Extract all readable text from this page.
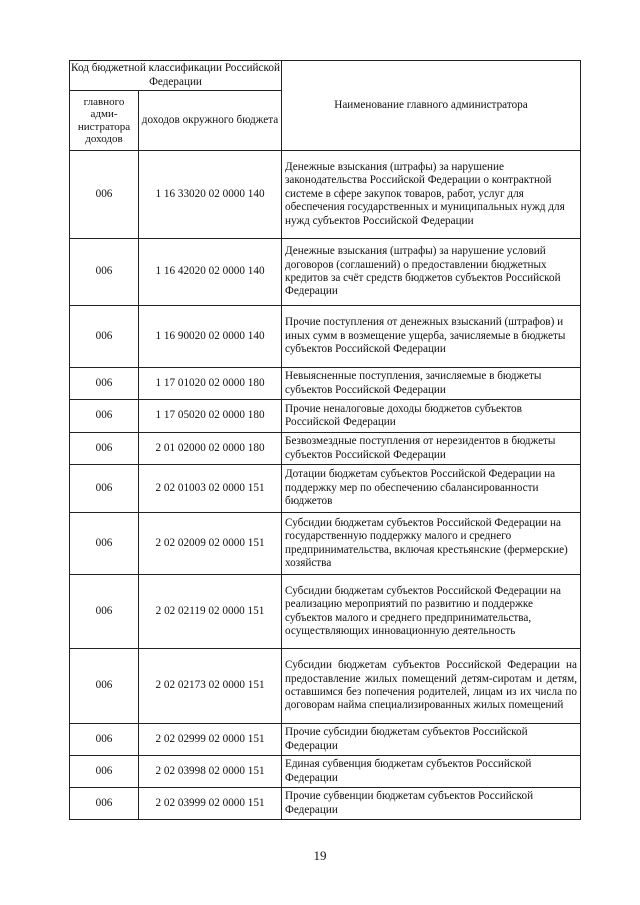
Код бюджетной классификации Российской Федерации		Наименование главного администратора
главного адми-нистратора доходов	доходов окружного бюджета	
006	1 16 33020 02 0000 140	Денежные взыскания (штрафы) за нарушение законодательства Российской Федерации о контрактной системе в сфере закупок товаров, работ, услуг для обеспечения государственных и муниципальных нужд для нужд субъектов Российской Федерации
006	1 16 42020 02 0000 140	Денежные взыскания (штрафы) за нарушение условий договоров (соглашений) о предоставлении бюджетных кредитов за счёт средств бюджетов субъектов Российской Федерации
006	1 16 90020 02 0000 140	Прочие поступления от денежных взысканий (штрафов) и иных сумм в возмещение ущерба, зачисляемые в бюджеты субъектов Российской Федерации
006	1 17 01020 02 0000 180	Невыясненные поступления, зачисляемые в бюджеты субъектов Российской Федерации
006	1 17 05020 02 0000 180	Прочие неналоговые доходы бюджетов субъектов Российской Федерации
006	2 01 02000 02 0000 180	Безвозмездные поступления от нерезидентов в бюджеты субъектов Российской Федерации
006	2 02 01003 02 0000 151	Дотации бюджетам субъектов Российской Федерации на поддержку мер по обеспечению сбалансированности бюджетов
006	2 02 02009 02 0000 151	Субсидии бюджетам субъектов Российской Федерации на государственную поддержку малого и среднего предпринимательства, включая крестьянские (фермерские) хозяйства
006	2 02 02119 02 0000 151	Субсидии бюджетам субъектов Российской Федерации на реализацию мероприятий по развитию и поддержке субъектов малого и среднего предпринимательства, осуществляющих инновационную деятельность
006	2 02 02173 02 0000 151	Субсидии бюджетам субъектов Российской Федерации на предоставление жилых помещений детям-сиротам и детям, оставшимся без попечения родителей, лицам из их числа по договорам найма специализированных жилых помещений
006	2 02 02999 02 0000 151	Прочие субсидии бюджетам субъектов Российской Федерации
006	2 02 03998 02 0000 151	Единая субвенция бюджетам субъектов Российской Федерации
006	2 02 03999 02 0000 151	Прочие субвенции бюджетам субъектов Российской Федерации
19
